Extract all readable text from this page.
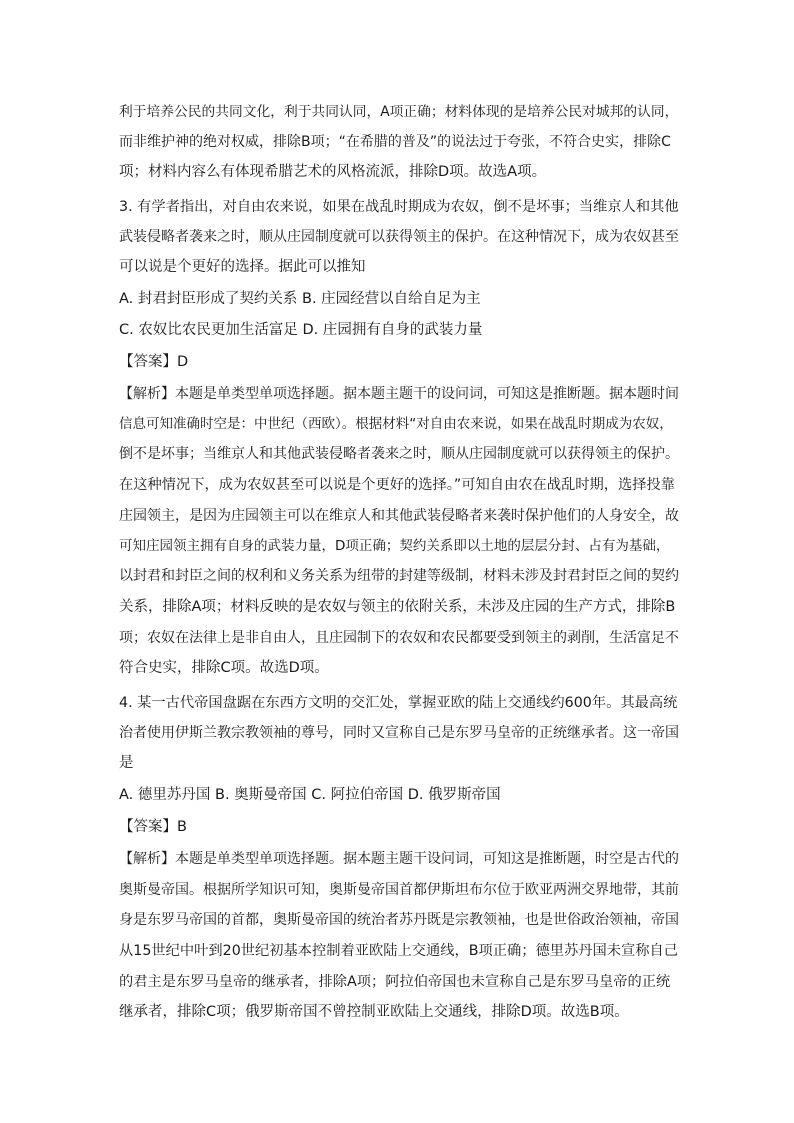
利于培养公民的共同文化，利于共同认同，A项正确；材料体现的是培养公民对城邦的认同，
而非维护神的绝对权威，排除B项；“在希腊的普及”的说法过于夸张，不符合史实，排除C
项；材料内容么有体现希腊艺术的风格流派，排除D项。故选A项。
3. 有学者指出，对自由农来说，如果在战乱时期成为农奴，倒不是坏事；当维京人和其他
武装侵略者袭来之时，顺从庄园制度就可以获得领主的保护。在这种情况下，成为农奴甚至
可以说是个更好的选择。据此可以推知
A. 封君封臣形成了契约关系 B. 庄园经营以自给自足为主
C. 农奴比农民更加生活富足 D. 庄园拥有自身的武装力量
【答案】D
【解析】本题是单类型单项选择题。据本题主题干的设问词，可知这是推断题。据本题时间
信息可知准确时空是：中世纪（西欧）。根据材料“对自由农来说，如果在战乱时期成为农奴，
倒不是坏事；当维京人和其他武装侵略者袭来之时，顺从庄园制度就可以获得领主的保护。
在这种情况下，成为农奴甚至可以说是个更好的选择。”可知自由农在战乱时期，选择投靠
庄园领主，是因为庄园领主可以在维京人和其他武装侵略者来袭时保护他们的人身安全，故
可知庄园领主拥有自身的武装力量，D项正确；契约关系即以土地的层层分封、占有为基础，
以封君和封臣之间的权利和义务关系为纽带的封建等级制，材料未涉及封君封臣之间的契约
关系，排除A项；材料反映的是农奴与领主的依附关系，未涉及庄园的生产方式，排除B
项；农奴在法律上是非自由人，且庄园制下的农奴和农民都要受到领主的剥削，生活富足不
符合史实，排除C项。故选D项。
4. 某一古代帝国盘踞在东西方文明的交汇处，掌握亚欧的陆上交通线约600年。其最高统
治者使用伊斯兰教宗教领袖的尊号，同时又宣称自己是东罗马皇帝的正统继承者。这一帝国
是
A. 德里苏丹国 B. 奥斯曼帝国 C. 阿拉伯帝国 D. 俄罗斯帝国
【答案】B
【解析】本题是单类型单项选择题。据本题主题干设问词，可知这是推断题，时空是古代的
奥斯曼帝国。根据所学知识可知，奥斯曼帝国首都伊斯坦布尔位于欧亚两洲交界地带，其前
身是东罗马帝国的首都，奥斯曼帝国的统治者苏丹既是宗教领袖，也是世俗政治领袖，帝国
从15世纪中叶到20世纪初基本控制着亚欧陆上交通线，B项正确；德里苏丹国未宣称自己
的君主是东罗马皇帝的继承者，排除A项；阿拉伯帝国也未宣称自己是东罗马皇帝的正统
继承者，排除C项；俄罗斯帝国不曾控制亚欧陆上交通线，排除D项。故选B项。
